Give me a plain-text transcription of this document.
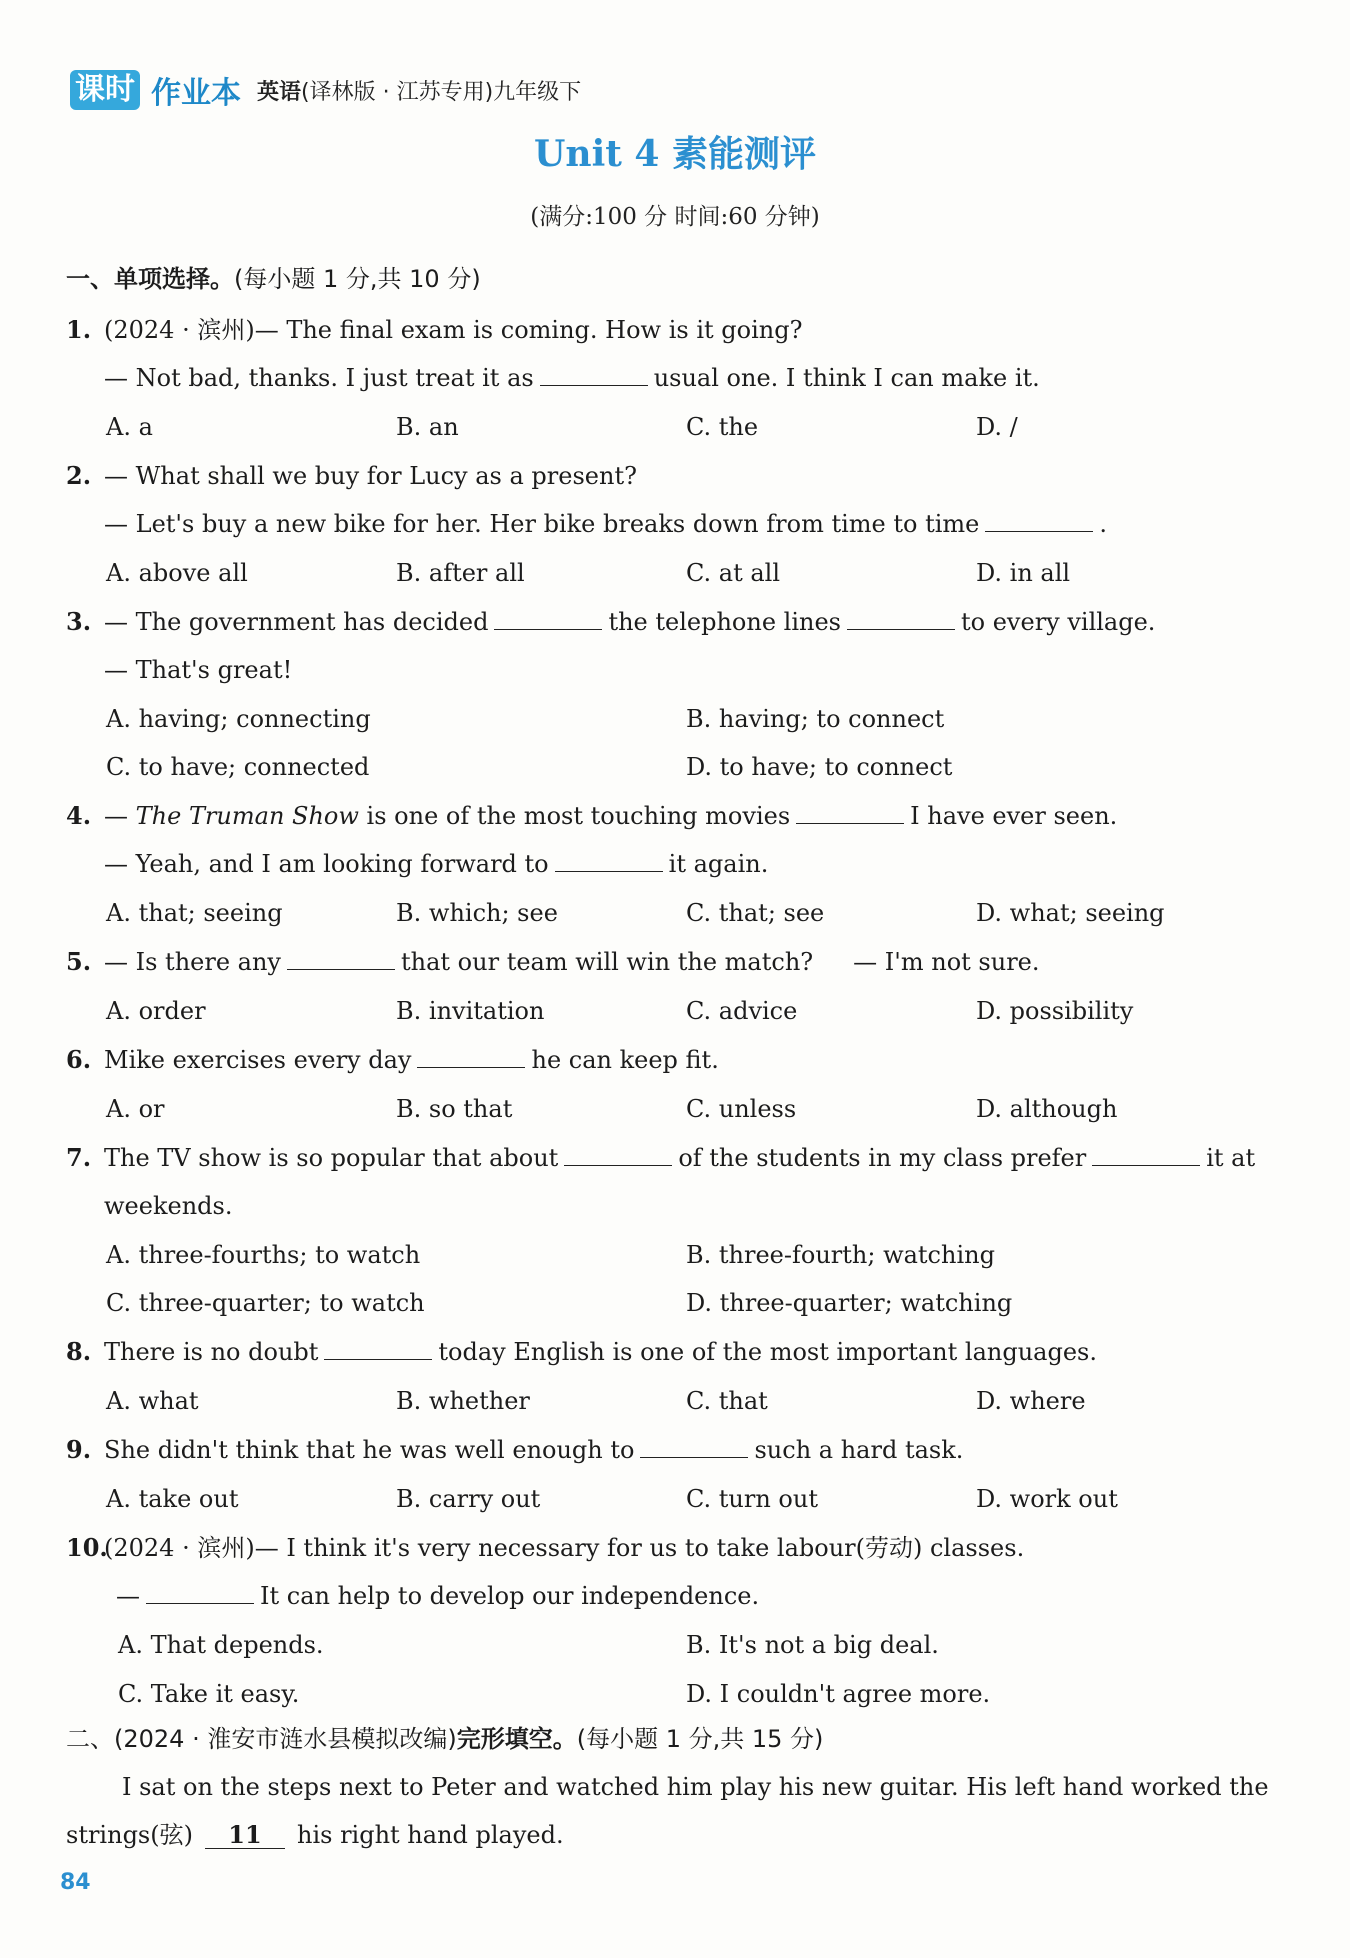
课时 作业本 英语(译林版 · 江苏专用)九年级下
Unit 4 素能测评
(满分:100 分 时间:60 分钟)
一、单项选择。(每小题 1 分,共 10 分)
1. (2024 · 滨州)— The final exam is coming. How is it going?
— Not bad, thanks. I just treat it as	usual one. I think I can make it.
A. a	B. an	C. the	D. /
2. — What shall we buy for Lucy as a present?
— Let's buy a new bike for her. Her bike breaks down from time to time	.
A. above all	B. after all	C. at all	D. in all
3. — The government has decided	the telephone lines	to every village.
— That's great!
A. having; connecting	B. having; to connect
C. to have; connected	D. to have; to connect
4. — The Truman Show is one of the most touching movies	I have ever seen.
— Yeah, and I am looking forward to	it again.
A. that; seeing	B. which; see	C. that; see	D. what; seeing
5. — Is there any	that our team will win the match? — I'm not sure.
A. order	B. invitation	C. advice	D. possibility
6. Mike exercises every day	he can keep fit.
A. or	B. so that	C. unless	D. although
7. The TV show is so popular that about	of the students in my class prefer	it at
weekends.
A. three-fourths; to watch	B. three-fourth; watching
C. three-quarter; to watch	D. three-quarter; watching
8. There is no doubt	today English is one of the most important languages.
A. what	B. whether	C. that	D. where
9. She didn't think that he was well enough to	such a hard task.
A. take out	B. carry out	C. turn out	D. work out
10.(2024 · 滨州)— I think it's very necessary for us to take labour(劳动) classes.
—	It can help to develop our independence.
A. That depends.	B. It's not a big deal.
C. Take it easy.	D. I couldn't agree more.
二、(2024 · 淮安市涟水县模拟改编)完形填空。(每小题 1 分,共 15 分)
I sat on the steps next to Peter and watched him play his new guitar. His left hand worked the
strings(弦) 11 his right hand played.
84
